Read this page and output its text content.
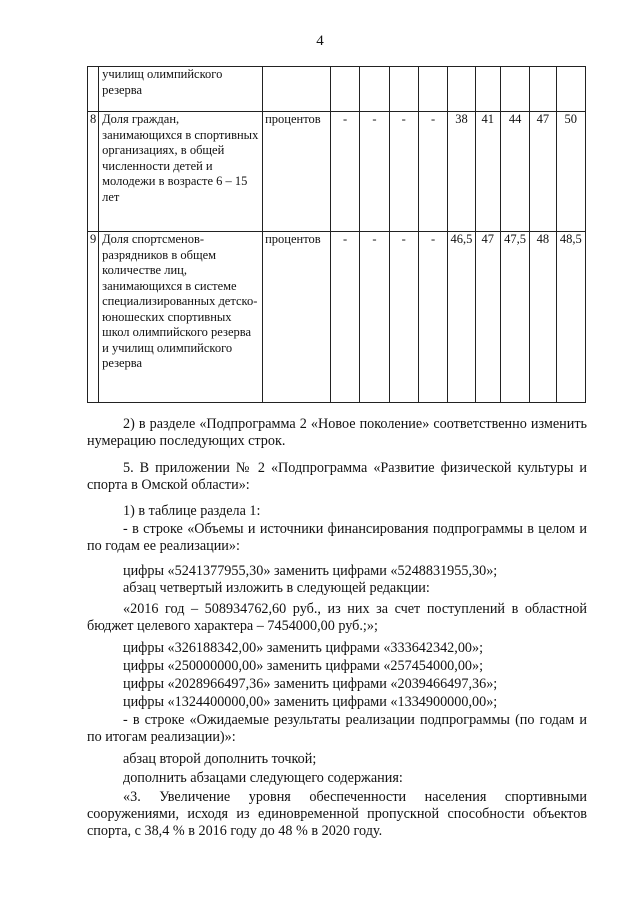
4
	училищ олимпийского резерва										
8	Доля граждан, занимающихся в спортивных организациях, в общей численности детей и молодежи в возрасте 6 – 15 лет	процентов	-	-	-	-	38	41	44	47	50
9	Доля спортсменов-разрядников в общем количестве лиц, занимающихся в системе специализированных детско-юношеских спортивных школ олимпийского резерва и училищ олимпийского резерва	процентов	-	-	-	-	46,5	47	47,5	48	48,5

2) в разделе «Подпрограмма 2 «Новое поколение» соответственно изменить нумерацию последующих строк.

5. В приложении № 2 «Подпрограмма «Развитие физической культуры и спорта в Омской области»:

1) в таблице раздела 1:

- в строке «Объемы и источники финансирования подпрограммы в целом и по годам ее реализации»:

цифры «5241377955,30» заменить цифрами «5248831955,30»;

абзац четвертый изложить в следующей редакции:

«2016 год – 508934762,60 руб., из них за счет поступлений в областной бюджет целевого характера – 7454000,00 руб.;»;

цифры «326188342,00» заменить цифрами «333642342,00»;

цифры «250000000,00» заменить цифрами «257454000,00»;

цифры «2028966497,36» заменить цифрами «2039466497,36»;

цифры «1324400000,00» заменить цифрами «1334900000,00»;

- в строке «Ожидаемые результаты реализации подпрограммы (по годам и по итогам реализации)»:

абзац второй дополнить точкой;

дополнить абзацами следующего содержания:

«3. Увеличение уровня обеспеченности населения спортивными сооружениями, исходя из единовременной пропускной способности объектов спорта, с 38,4 % в 2016 году до 48 % в 2020 году.
